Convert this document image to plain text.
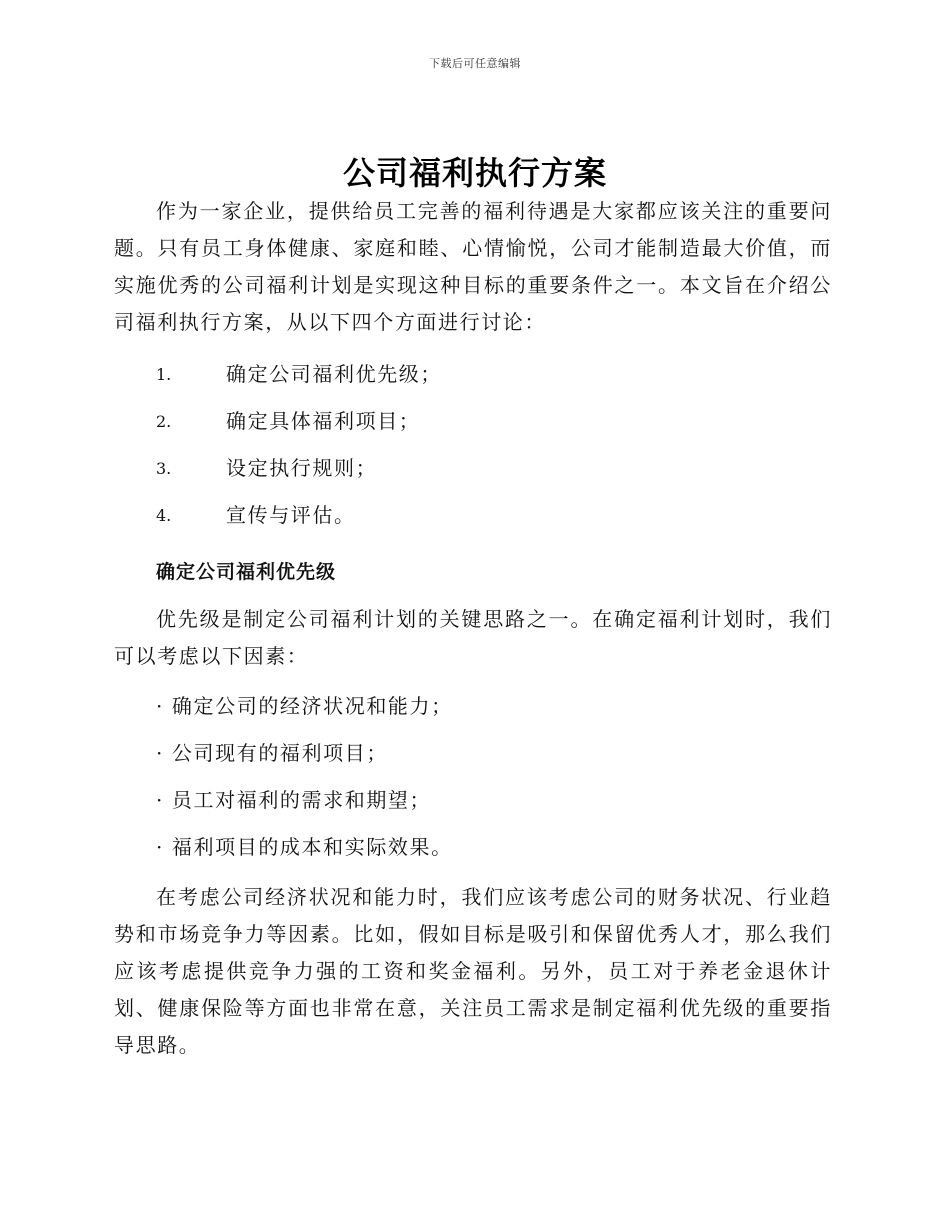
下载后可任意编辑
公司福利执行方案

作为一家企业，提供给员工完善的福利待遇是大家都应该关注的重要问题。只有员工身体健康、家庭和睦、心情愉悦，公司才能制造最大价值，而实施优秀的公司福利计划是实现这种目标的重要条件之一。本文旨在介绍公司福利执行方案，从以下四个方面进行讨论：

1.	确定公司福利优先级；
2.	确定具体福利项目；
3.	设定执行规则；
4.	宣传与评估。
确定公司福利优先级

优先级是制定公司福利计划的关键思路之一。在确定福利计划时，我们可以考虑以下因素：

· 确定公司的经济状况和能力；
· 公司现有的福利项目；
· 员工对福利的需求和期望；
· 福利项目的成本和实际效果。

在考虑公司经济状况和能力时，我们应该考虑公司的财务状况、行业趋势和市场竞争力等因素。比如，假如目标是吸引和保留优秀人才，那么我们应该考虑提供竞争力强的工资和奖金福利。另外，员工对于养老金退休计划、健康保险等方面也非常在意，关注员工需求是制定福利优先级的重要指导思路。
